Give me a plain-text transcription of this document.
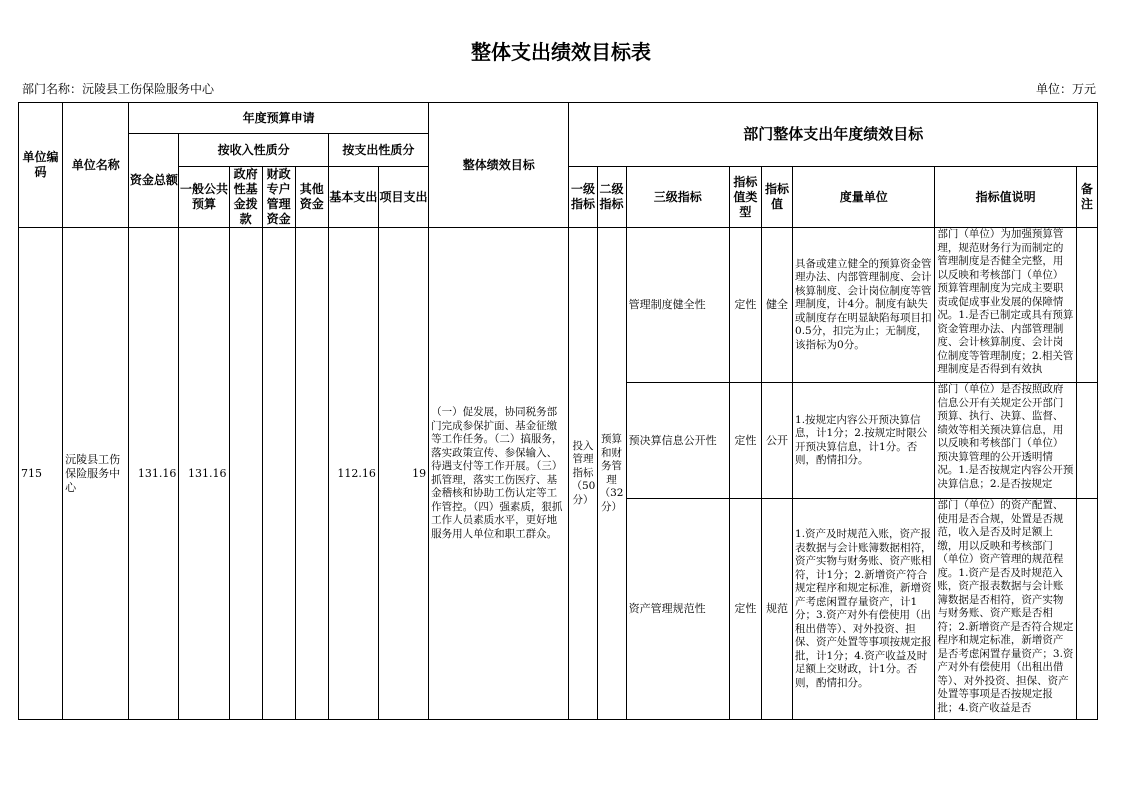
整体支出绩效目标表
部门名称：沅陵县工伤保险服务中心	单位：万元
单位编码	单位名称	年度预算申请							整体绩效目标	部门整体支出年度绩效目标							
		资金总额	按收入性质分				按支出性质分										
			一般公共预算	政府性基金拨款	财政专户管理资金	其他资金	基本支出	项目支出		一级指标	二级指标	三级指标	指标值类型	指标值	度量单位	指标值说明	备注

715	沅陵县工伤保险服务中心	131.16	131.16				112.16	19	（一）促发展，协同税务部门完成参保扩面、基金征缴等工作任务。（二）搞服务，落实政策宣传、参保输入、待遇支付等工作开展。（三）抓管理，落实工伤医疗、基金稽核和协助工伤认定等工作管控。（四）强素质，狠抓工作人员素质水平，更好地服务用人单位和职工群众。	投入管理指标（50分）	预算和财务管理（32分）	管理制度健全性	定性	健全	具备或建立健全的预算资金管理办法、内部管理制度、会计核算制度、会计岗位制度等管理制度，计4分。制度有缺失或制度存在明显缺陷每项目扣0.5分，扣完为止；无制度，该指标为0分。	部门（单位）为加强预算管理，规范财务行为而制定的管理制度是否健全完整，用以反映和考核部门（单位）预算管理制度为完成主要职责或促成事业发展的保障情况。1.是否已制定或具有预算资金管理办法、内部管理制度、会计核算制度、会计岗位制度等管理制度；2.相关管理制度是否得到有效执	

												预决算信息公开性	定性	公开	1.按规定内容公开预决算信息，计1分；2.按规定时限公开预决算信息，计1分。否则，酌情扣分。	部门（单位）是否按照政府信息公开有关规定公开部门预算、执行、决算、监督、绩效等相关预决算信息，用以反映和考核部门（单位）预决算管理的公开透明情况。1.是否按规定内容公开预决算信息；2.是否按规定	

												资产管理规范性	定性	规范	1.资产及时规范入账，资产报表数据与会计账簿数据相符，资产实物与财务账、资产账相符，计1分；2.新增资产符合规定程序和规定标准，新增资产考虑闲置存量资产，计1分；3.资产对外有偿使用（出租出借等）、对外投资、担保、资产处置等事项按规定报批，计1分；4.资产收益及时足额上交财政，计1分。否则，酌情扣分。	部门（单位）的资产配置、使用是否合规，处置是否规范，收入是否及时足额上缴，用以反映和考核部门（单位）资产管理的规范程度。1.资产是否及时规范入账，资产报表数据与会计账簿数据是否相符，资产实物与财务账、资产账是否相符；2.新增资产是否符合规定程序和规定标准，新增资产是否考虑闲置存量资产；3.资产对外有偿使用（出租出借等）、对外投资、担保、资产处置等事项是否按规定报批；4.资产收益是否	
